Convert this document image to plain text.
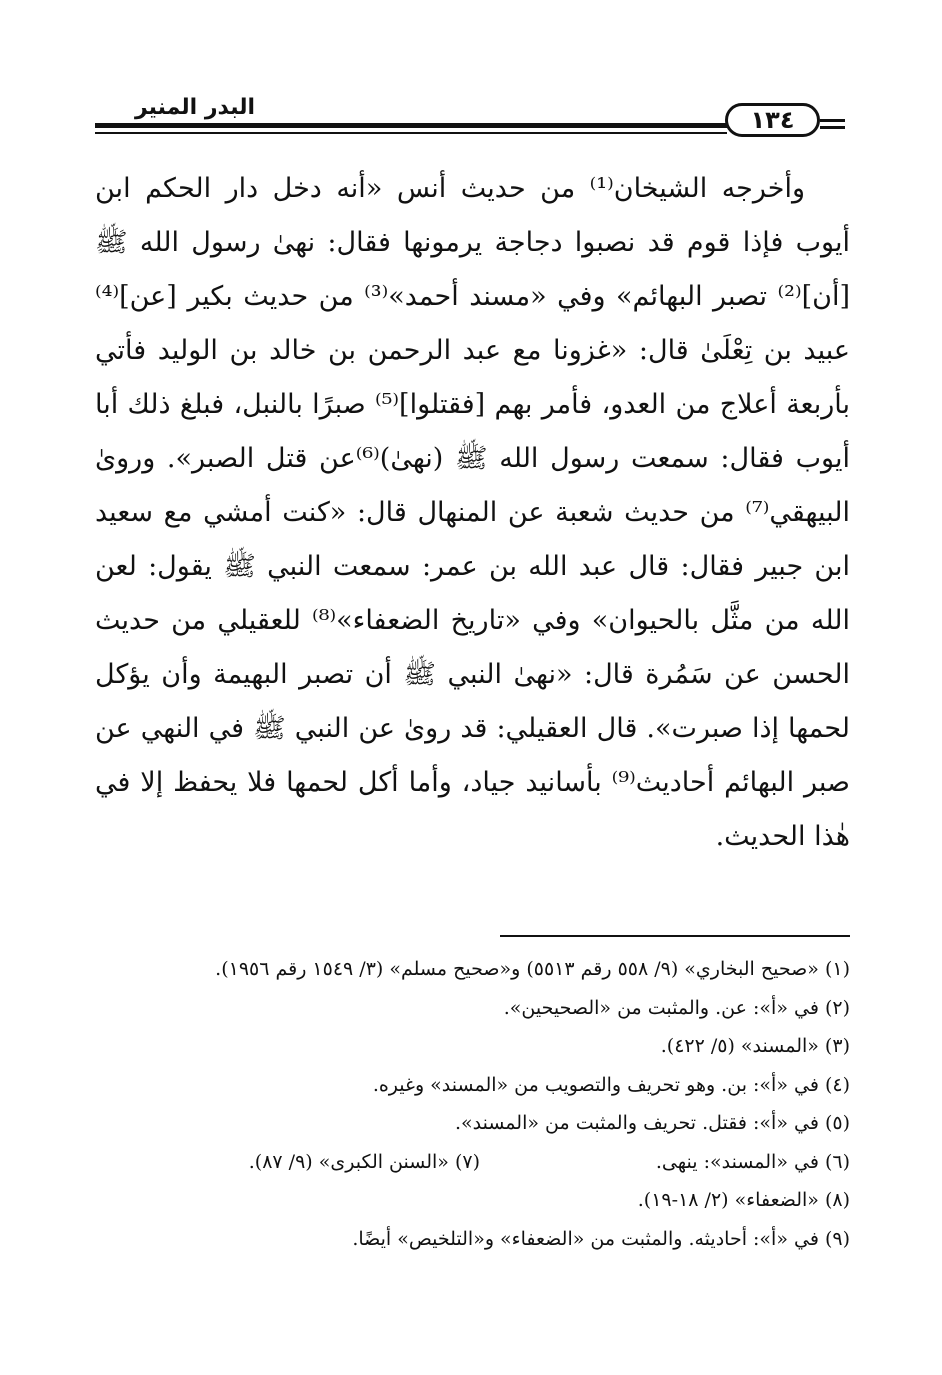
البدر المنير	١٣٤

وأخرجه الشيخان⁽¹⁾ من حديث أنس «أنه دخل دار الحكم ابن أيوب فإذا قوم قد نصبوا دجاجة يرمونها فقال: نهىٰ رسول الله ﷺ [أن]⁽²⁾ تصبر البهائم» وفي «مسند أحمد»⁽³⁾ من حديث بكير [عن]⁽⁴⁾ عبيد بن تِعْلَىٰ قال: «غزونا مع عبد الرحمن بن خالد بن الوليد فأتي بأربعة أعلاج من العدو، فأمر بهم [فقتلوا]⁽⁵⁾ صبرًا بالنبل، فبلغ ذلك أبا أيوب فقال: سمعت رسول الله ﷺ (نهىٰ)⁽⁶⁾عن قتل الصبر». وروىٰ البيهقي⁽⁷⁾ من حديث شعبة عن المنهال قال: «كنت أمشي مع سعيد ابن جبير فقال: قال عبد الله بن عمر: سمعت النبي ﷺ يقول: لعن الله من مثَّل بالحيوان» وفي «تاريخ الضعفاء»⁽⁸⁾ للعقيلي من حديث الحسن عن سَمُرة قال: «نهىٰ النبي ﷺ أن تصبر البهيمة وأن يؤكل لحمها إذا صبرت». قال العقيلي: قد روىٰ عن النبي ﷺ في النهي عن صبر البهائم أحاديث⁽⁹⁾ بأسانيد جياد، وأما أكل لحمها فلا يحفظ إلا في هٰذا الحديث.

(١) «صحيح البخاري» (٩/ ٥٥٨ رقم ٥٥١٣) و«صحيح مسلم» (٣/ ١٥٤٩ رقم ١٩٥٦).
(٢) في «أ»: عن. والمثبت من «الصحيحين».
(٣) «المسند» (٥/ ٤٢٢).
(٤) في «أ»: بن. وهو تحريف والتصويب من «المسند» وغيره.
(٥) في «أ»: فقتل. تحريف والمثبت من «المسند».
(٦) في «المسند»: ينهى.
(٧) «السنن الكبرى» (٩/ ٨٧).
(٨) «الضعفاء» (٢/ ١٨-١٩).
(٩) في «أ»: أحاديثه. والمثبت من «الضعفاء» و«التلخيص» أيضًا.
